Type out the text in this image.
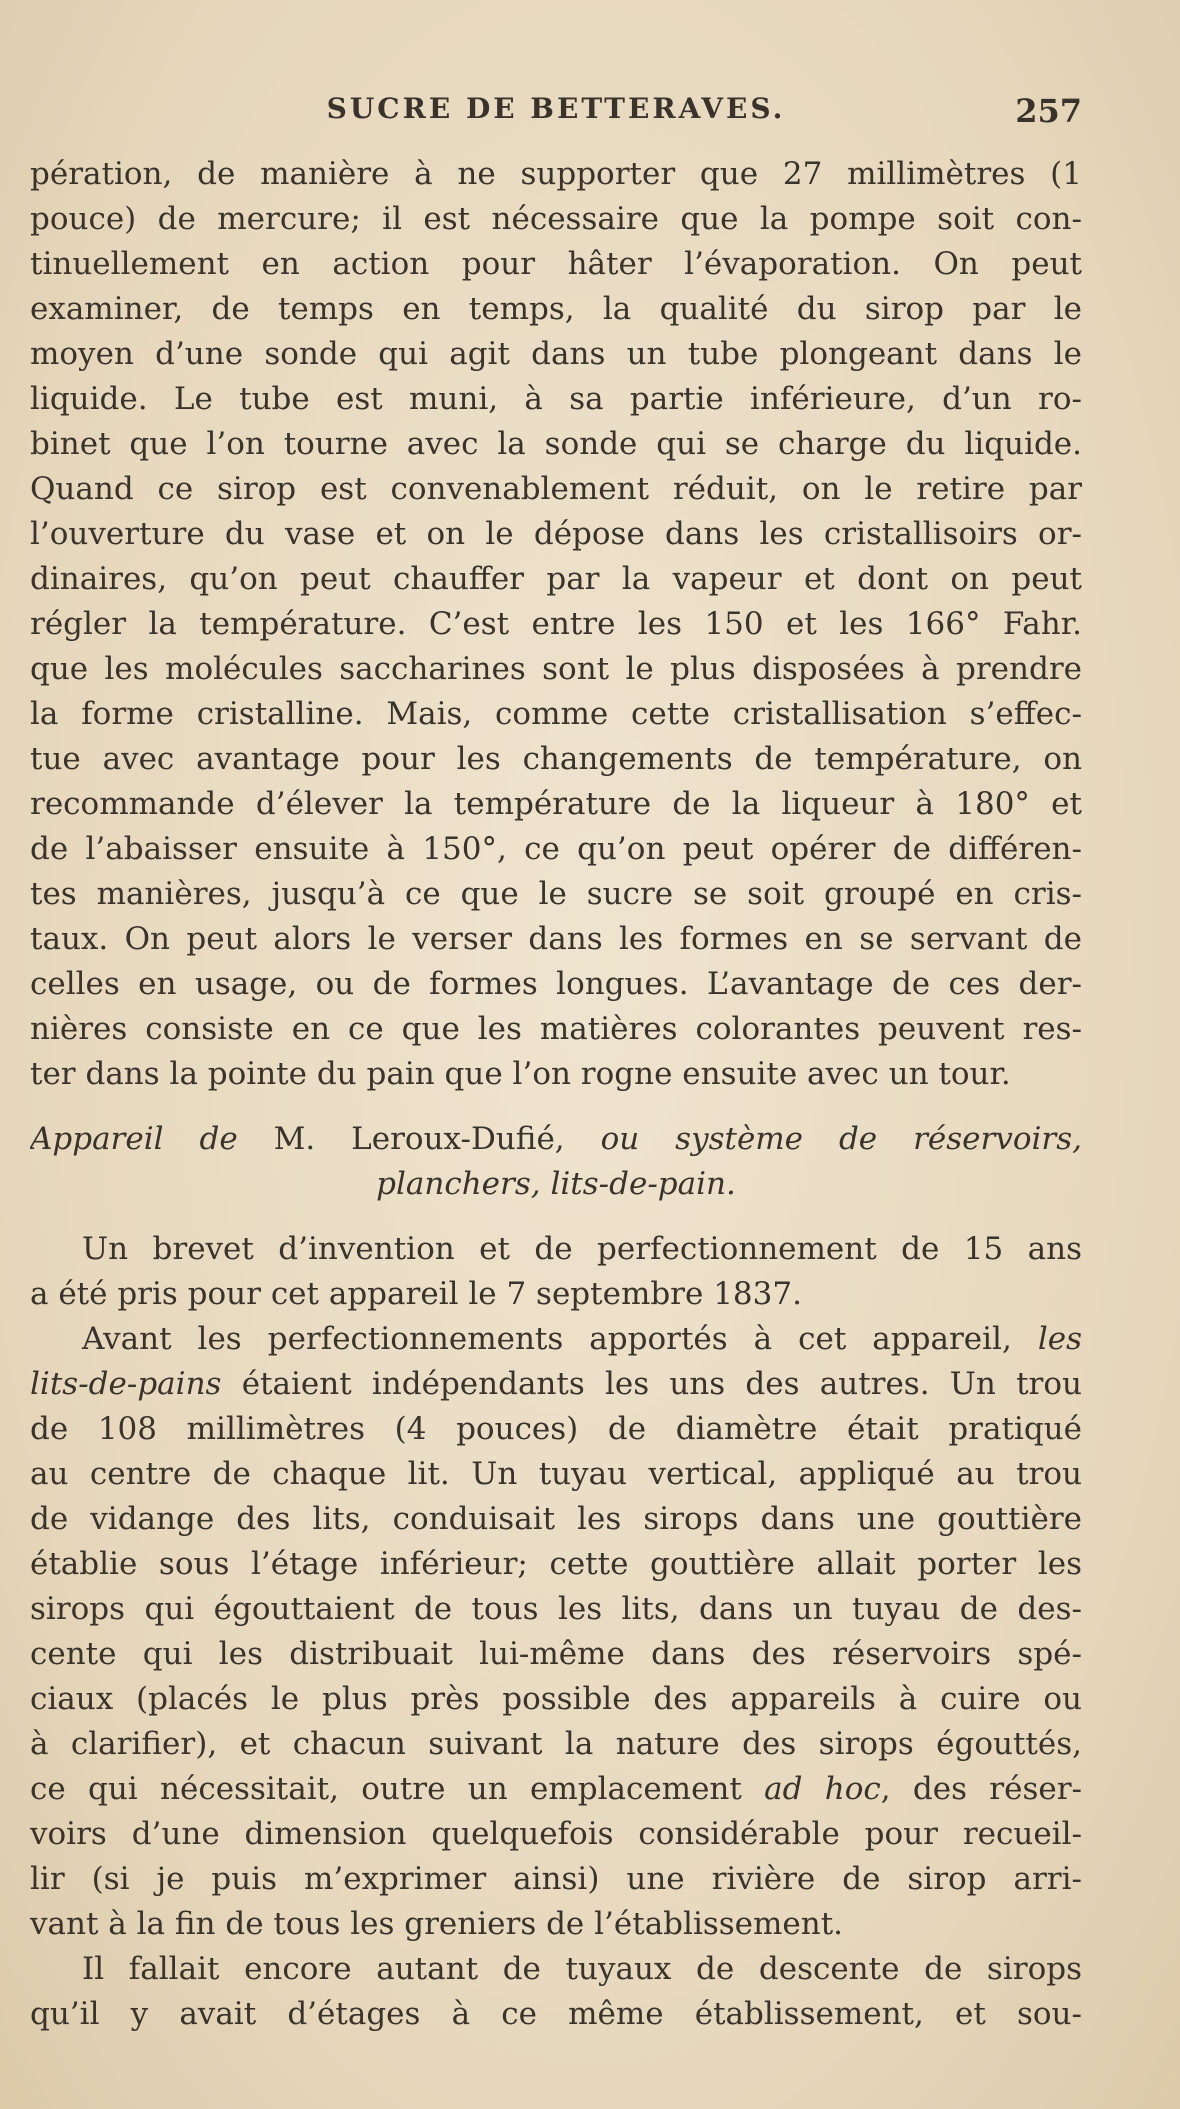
SUCRE DE BETTERAVES.	257
pération, de manière à ne supporter que 27 millimètres (1
pouce) de mercure; il est nécessaire que la pompe soit con-
tinuellement en action pour hâter l’évaporation. On peut
examiner, de temps en temps, la qualité du sirop par le
moyen d’une sonde qui agit dans un tube plongeant dans le
liquide. Le tube est muni, à sa partie inférieure, d’un ro-
binet que l’on tourne avec la sonde qui se charge du liquide.
Quand ce sirop est convenablement réduit, on le retire par
l’ouverture du vase et on le dépose dans les cristallisoirs or-
dinaires, qu’on peut chauffer par la vapeur et dont on peut
régler la température. C’est entre les 150 et les 166° Fahr.
que les molécules saccharines sont le plus disposées à prendre
la forme cristalline. Mais, comme cette cristallisation s’effec-
tue avec avantage pour les changements de température, on
recommande d’élever la température de la liqueur à 180° et
de l’abaisser ensuite à 150°, ce qu’on peut opérer de différen-
tes manières, jusqu’à ce que le sucre se soit groupé en cris-
taux. On peut alors le verser dans les formes en se servant de
celles en usage, ou de formes longues. L’avantage de ces der-
nières consiste en ce que les matières colorantes peuvent res-
ter dans la pointe du pain que l’on rogne ensuite avec un tour.
Appareil de M. Leroux-Dufié, ou système de réservoirs,
planchers, lits-de-pain.
Un brevet d’invention et de perfectionnement de 15 ans
a été pris pour cet appareil le 7 septembre 1837.
Avant les perfectionnements apportés à cet appareil, les
lits-de-pains étaient indépendants les uns des autres. Un trou
de 108 millimètres (4 pouces) de diamètre était pratiqué
au centre de chaque lit. Un tuyau vertical, appliqué au trou
de vidange des lits, conduisait les sirops dans une gouttière
établie sous l’étage inférieur; cette gouttière allait porter les
sirops qui égouttaient de tous les lits, dans un tuyau de des-
cente qui les distribuait lui-même dans des réservoirs spé-
ciaux (placés le plus près possible des appareils à cuire ou
à clarifier), et chacun suivant la nature des sirops égouttés,
ce qui nécessitait, outre un emplacement ad hoc, des réser-
voirs d’une dimension quelquefois considérable pour recueil-
lir (si je puis m’exprimer ainsi) une rivière de sirop arri-
vant à la fin de tous les greniers de l’établissement.
Il fallait encore autant de tuyaux de descente de sirops
qu’il y avait d’étages à ce même établissement, et sou-
